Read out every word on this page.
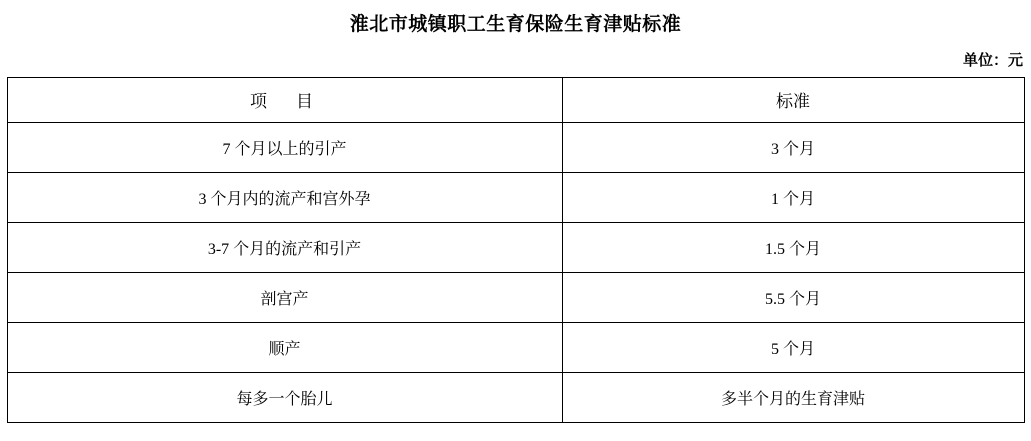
淮北市城镇职工生育保险生育津贴标准
单位：元
项　目	标准
7 个月以上的引产	3 个月
3 个月内的流产和宫外孕	1 个月
3-7 个月的流产和引产	1.5 个月
剖宫产	5.5 个月
顺产	5 个月
每多一个胎儿	多半个月的生育津贴
